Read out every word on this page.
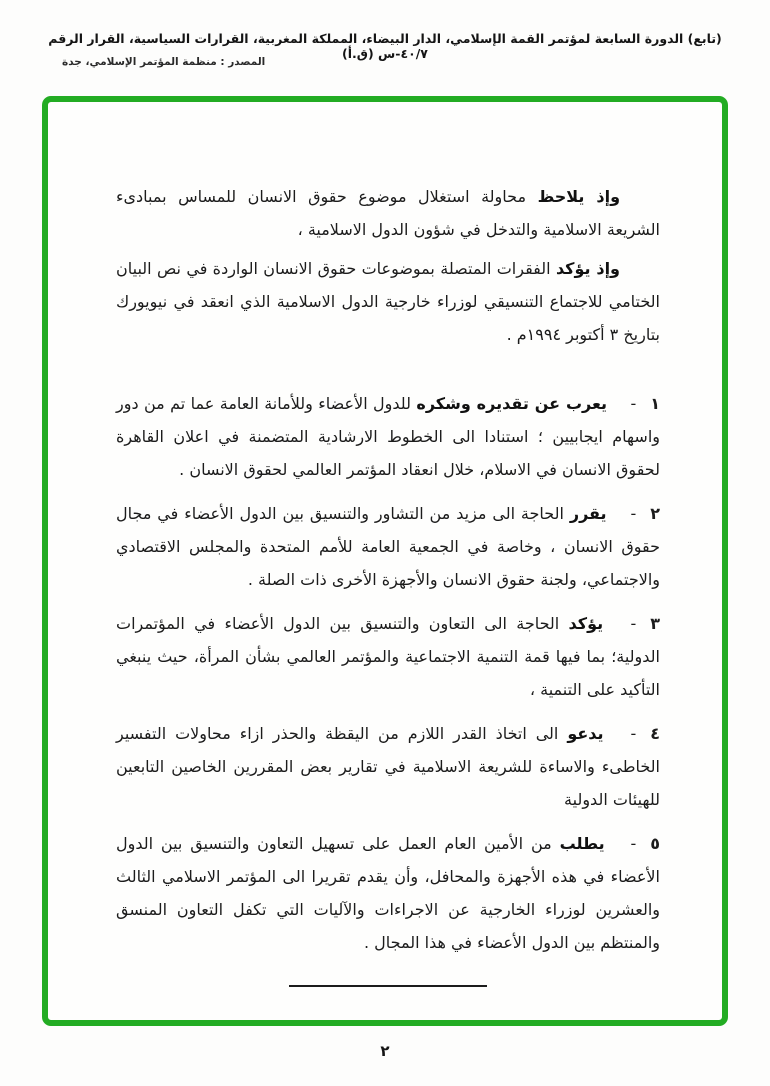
(تابع) الدورة السابعة لمؤتمر القمة الإسلامي، الدار البيضاء، المملكة المغربية، القرارات السياسية، القرار الرقم ٤٠/٧-س (ق.أ)
المصدر : منظمة المؤتمر الإسلامي، جدة

وإذ يلاحظ محاولة استغلال موضوع حقوق الانسان للمساس بمبادىء الشريعة الاسلامية والتدخل في شؤون الدول الاسلامية ،

وإذ يؤكد الفقرات المتصلة بموضوعات حقوق الانسان الواردة في نص البيان الختامي للاجتماع التنسيقي لوزراء خارجية الدول الاسلامية الذي انعقد في نيويورك بتاريخ ٣ أكتوبر ١٩٩٤م .

١- يعرب عن تقديره وشكره للدول الأعضاء وللأمانة العامة عما تم من دور واسهام ايجابيين ؛ استنادا الى الخطوط الارشادية المتضمنة في اعلان القاهرة لحقوق الانسان في الاسلام، خلال انعقاد المؤتمر العالمي لحقوق الانسان .

٢- يقرر الحاجة الى مزيد من التشاور والتنسيق بين الدول الأعضاء في مجال حقوق الانسان ، وخاصة في الجمعية العامة للأمم المتحدة والمجلس الاقتصادي والاجتماعي، ولجنة حقوق الانسان والأجهزة الأخرى ذات الصلة .

٣- يؤكد الحاجة الى التعاون والتنسيق بين الدول الأعضاء في المؤتمرات الدولية؛ بما فيها قمة التنمية الاجتماعية والمؤتمر العالمي بشأن المرأة، حيث ينبغي التأكيد على التنمية ،

٤- يدعو الى اتخاذ القدر اللازم من اليقظة والحذر ازاء محاولات التفسير الخاطىء والاساءة للشريعة الاسلامية في تقارير بعض المقررين الخاصين التابعين للهيئات الدولية

٥- يطلب من الأمين العام العمل على تسهيل التعاون والتنسيق بين الدول الأعضاء في هذه الأجهزة والمحافل، وأن يقدم تقريرا الى المؤتمر الاسلامي الثالث والعشرين لوزراء الخارجية عن الاجراءات والآليات التي تكفل التعاون المنسق والمنتظم بين الدول الأعضاء في هذا المجال .

٢
